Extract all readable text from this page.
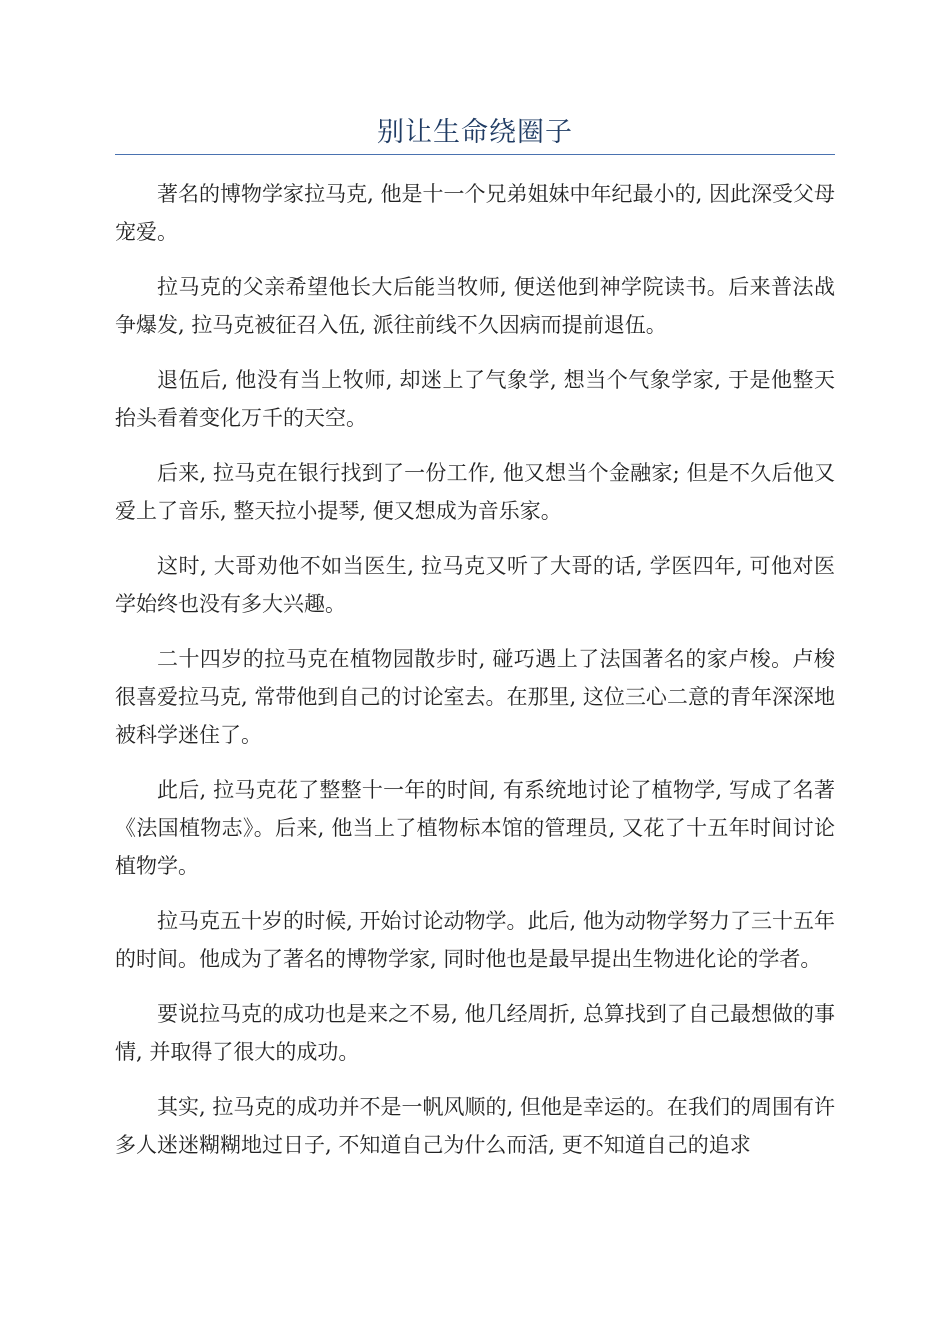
别让生命绕圈子

著名的博物学家拉马克, 他是十一个兄弟姐妹中年纪最小的, 因此深受父母宠爱。

拉马克的父亲希望他长大后能当牧师, 便送他到神学院读书。后来普法战争爆发, 拉马克被征召入伍, 派往前线不久因病而提前退伍。

退伍后, 他没有当上牧师, 却迷上了气象学, 想当个气象学家, 于是他整天抬头看着变化万千的天空。

后来, 拉马克在银行找到了一份工作, 他又想当个金融家; 但是不久后他又爱上了音乐, 整天拉小提琴, 便又想成为音乐家。

这时, 大哥劝他不如当医生, 拉马克又听了大哥的话, 学医四年, 可他对医学始终也没有多大兴趣。

二十四岁的拉马克在植物园散步时, 碰巧遇上了法国著名的家卢梭。卢梭很喜爱拉马克, 常带他到自己的讨论室去。在那里, 这位三心二意的青年深深地被科学迷住了。

此后, 拉马克花了整整十一年的时间, 有系统地讨论了植物学, 写成了名著《法国植物志》。后来, 他当上了植物标本馆的管理员, 又花了十五年时间讨论植物学。

拉马克五十岁的时候, 开始讨论动物学。此后, 他为动物学努力了三十五年的时间。他成为了著名的博物学家, 同时他也是最早提出生物进化论的学者。

要说拉马克的成功也是来之不易, 他几经周折, 总算找到了自己最想做的事情, 并取得了很大的成功。

其实, 拉马克的成功并不是一帆风顺的, 但他是幸运的。在我们的周围有许多人迷迷糊糊地过日子, 不知道自己为什么而活, 更不知道自己的追求
